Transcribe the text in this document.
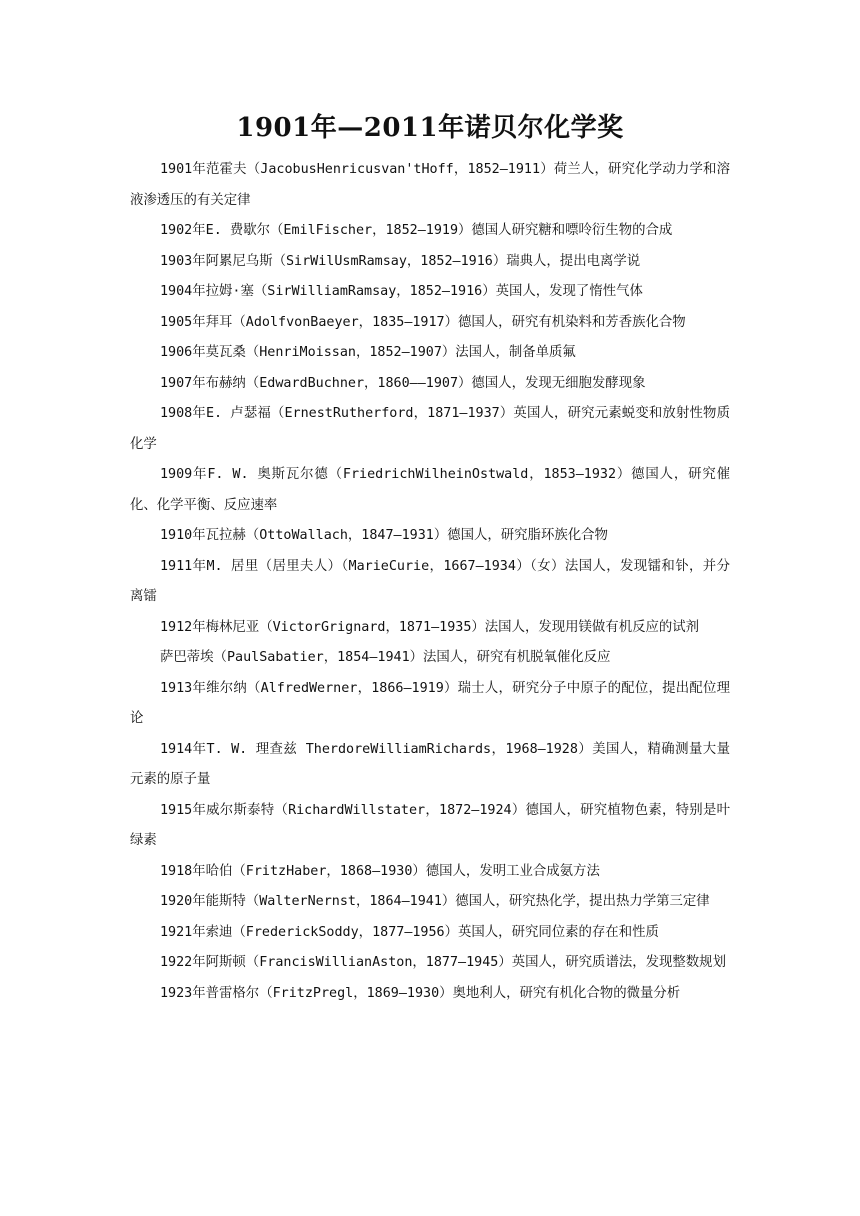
1901年—2011年诺贝尔化学奖

1901年范霍夫（JacobusHenricusvan'tHoff，1852—1911）荷兰人，研究化学动力学和溶液渗透压的有关定律

1902年E. 费歇尔（EmilFischer，1852—1919）德国人研究糖和嘌呤衍生物的合成

1903年阿累尼乌斯（SirWilUsmRamsay，1852—1916）瑞典人，提出电离学说

1904年拉姆·塞（SirWilliamRamsay，1852—1916）英国人，发现了惰性气体

1905年拜耳（AdolfvonBaeyer，1835—1917）德国人，研究有机染料和芳香族化合物

1906年莫瓦桑（HenriMoissan，1852—1907）法国人，制备单质氟

1907年布赫纳（EdwardBuchner，1860——1907）德国人，发现无细胞发酵现象

1908年E. 卢瑟福（ErnestRutherford，1871—1937）英国人，研究元素蜕变和放射性物质化学

1909年F. W. 奥斯瓦尔德（FriedrichWilheinOstwald，1853—1932）德国人，研究催化、化学平衡、反应速率

1910年瓦拉赫（OttoWallach，1847—1931）德国人，研究脂环族化合物

1911年M. 居里（居里夫人）（MarieCurie，1667—1934）（女）法国人，发现镭和钋，并分离镭

1912年梅林尼亚（VictorGrignard，1871—1935）法国人，发现用镁做有机反应的试剂

萨巴蒂埃（PaulSabatier，1854—1941）法国人，研究有机脱氧催化反应

1913年维尔纳（AlfredWerner，1866—1919）瑞士人，研究分子中原子的配位，提出配位理论

1914年T. W. 理查兹 TherdoreWilliamRichards，1968—1928）美国人，精确测量大量元素的原子量

1915年威尔斯泰特（RichardWillstater，1872—1924）德国人，研究植物色素，特别是叶绿素

1918年哈伯（FritzHaber，1868—1930）德国人，发明工业合成氨方法

1920年能斯特（WalterNernst，1864—1941）德国人，研究热化学，提出热力学第三定律

1921年索迪（FrederickSoddy，1877—1956）英国人，研究同位素的存在和性质

1922年阿斯顿（FrancisWillianAston，1877—1945）英国人，研究质谱法，发现整数规划

1923年普雷格尔（FritzPregl，1869—1930）奥地利人，研究有机化合物的微量分析
